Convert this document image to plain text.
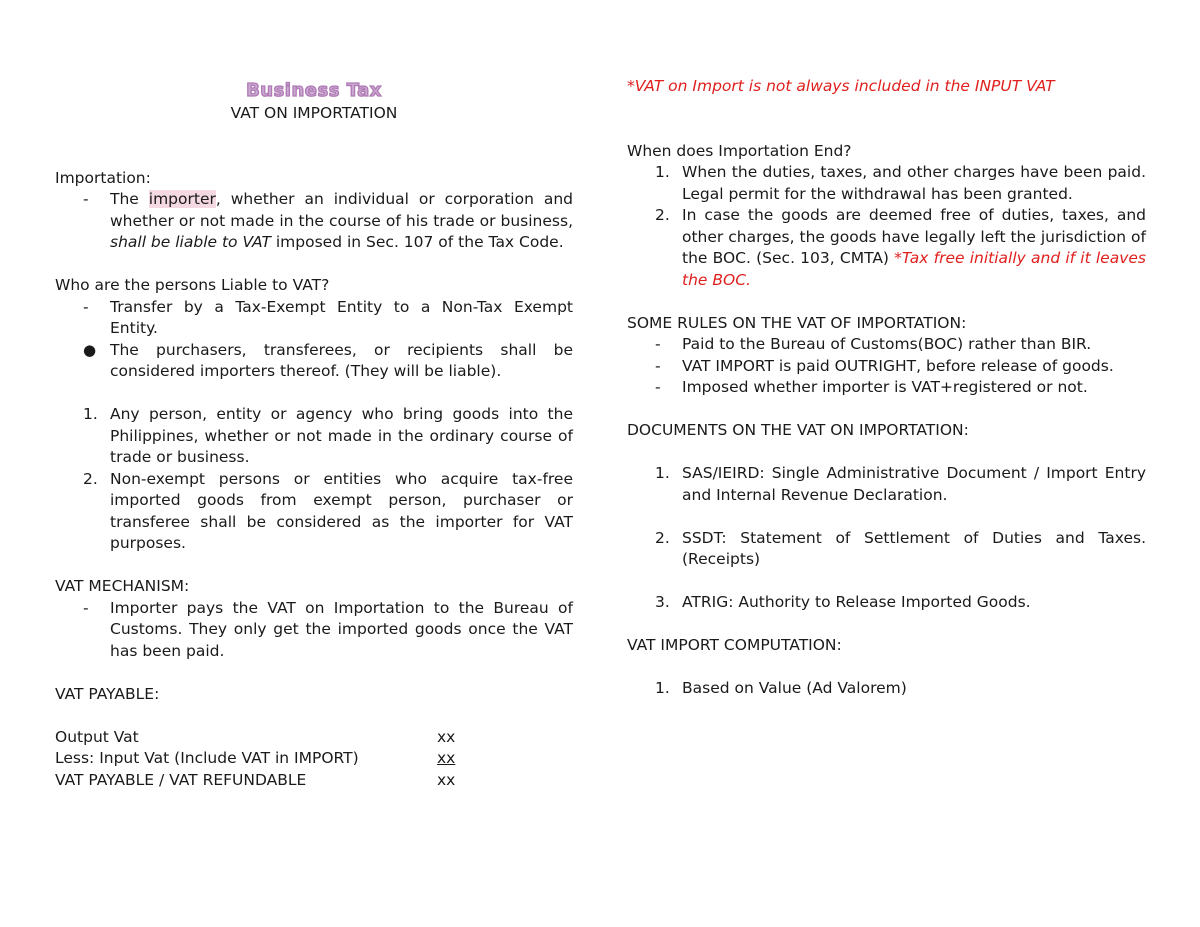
Business Tax
VAT ON IMPORTATION
Importation:
-	The importer, whether an individual or corporation and whether or not made in the course of his trade or business, shall be liable to VAT imposed in Sec. 107 of the Tax Code.
Who are the persons Liable to VAT?
-	Transfer by a Tax-Exempt Entity to a Non-Tax Exempt Entity.
● The purchasers, transferees, or recipients shall be considered importers thereof. (They will be liable).
1. Any person, entity or agency who bring goods into the Philippines, whether or not made in the ordinary course of trade or business.
2. Non-exempt persons or entities who acquire tax-free imported goods from exempt person, purchaser or transferee shall be considered as the importer for VAT purposes.
VAT MECHANISM:
-	Importer pays the VAT on Importation to the Bureau of Customs. They only get the imported goods once the VAT has been paid.
VAT PAYABLE:
Output Vat	xx
Less: Input Vat (Include VAT in IMPORT)	xx
VAT PAYABLE / VAT REFUNDABLE	xx
*VAT on Import is not always included in the INPUT VAT
When does Importation End?
1. When the duties, taxes, and other charges have been paid. Legal permit for the withdrawal has been granted.
2. In case the goods are deemed free of duties, taxes, and other charges, the goods have legally left the jurisdiction of the BOC. (Sec. 103, CMTA) *Tax free initially and if it leaves the BOC.
SOME RULES ON THE VAT OF IMPORTATION:
-	Paid to the Bureau of Customs(BOC) rather than BIR.
-	VAT IMPORT is paid OUTRIGHT, before release of goods.
-	Imposed whether importer is VAT+registered or not.
DOCUMENTS ON THE VAT ON IMPORTATION:
1. SAS/IEIRD: Single Administrative Document / Import Entry and Internal Revenue Declaration.
2. SSDT: Statement of Settlement of Duties and Taxes. (Receipts)
3. ATRIG: Authority to Release Imported Goods.
VAT IMPORT COMPUTATION:
1. Based on Value (Ad Valorem)
